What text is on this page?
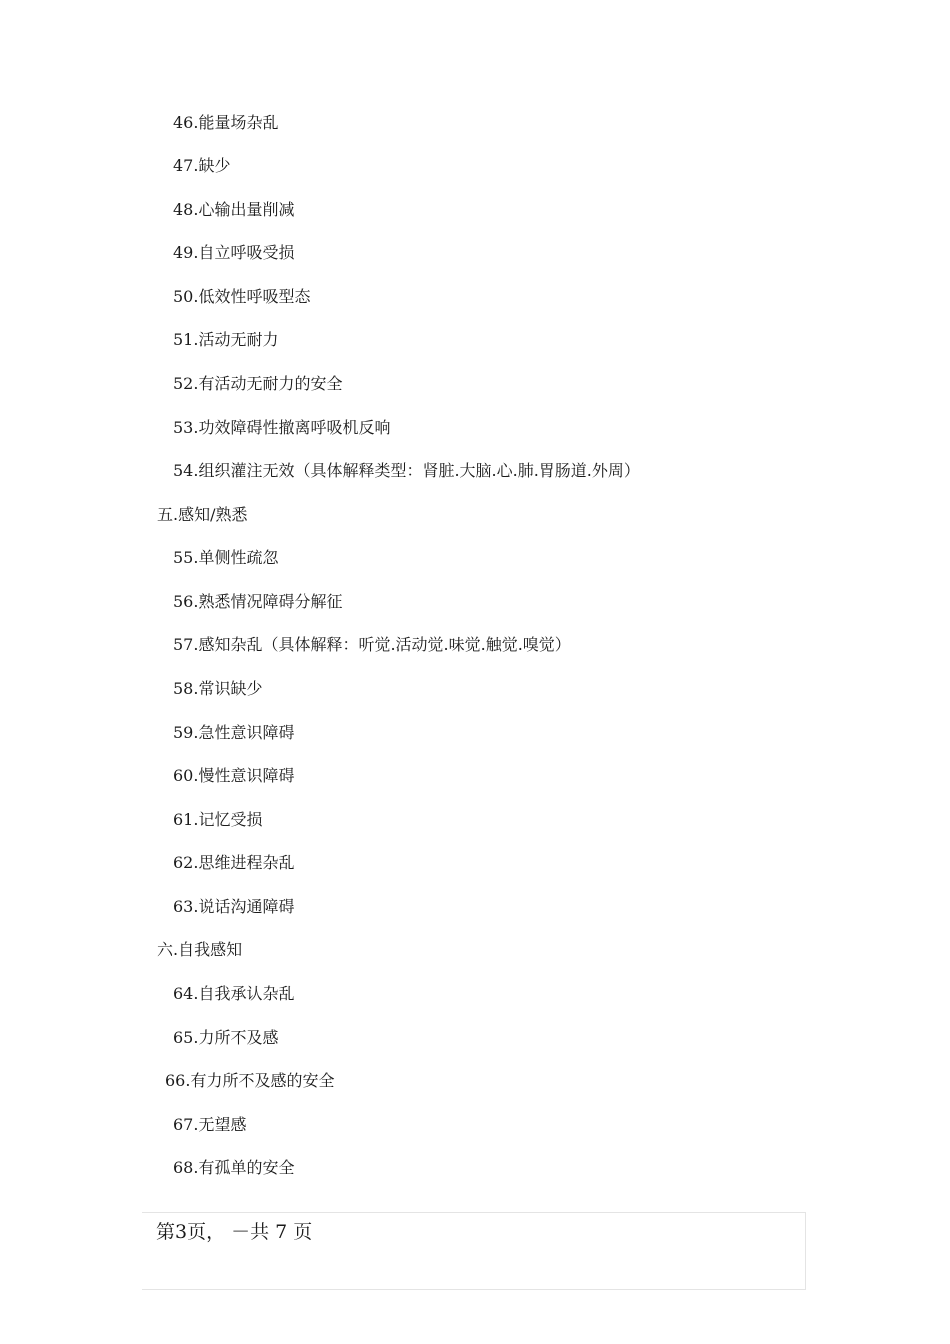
46.能量场杂乱
47.缺少
48.心输出量削减
49.自立呼吸受损
50.低效性呼吸型态
51.活动无耐力
52.有活动无耐力的安全
53.功效障碍性撤离呼吸机反响
54.组织灌注无效（具体解释类型：肾脏.大脑.心.肺.胃肠道.外周）
五.感知/熟悉
55.单侧性疏忽
56.熟悉情况障碍分解征
57.感知杂乱（具体解释：听觉.活动觉.味觉.触觉.嗅觉）
58.常识缺少
59.急性意识障碍
60.慢性意识障碍
61.记忆受损
62.思维进程杂乱
63.说话沟通障碍
六.自我感知
64.自我承认杂乱
65.力所不及感
66.有力所不及感的安全
67.无望感
68.有孤单的安全
第3页， －共 7 页
